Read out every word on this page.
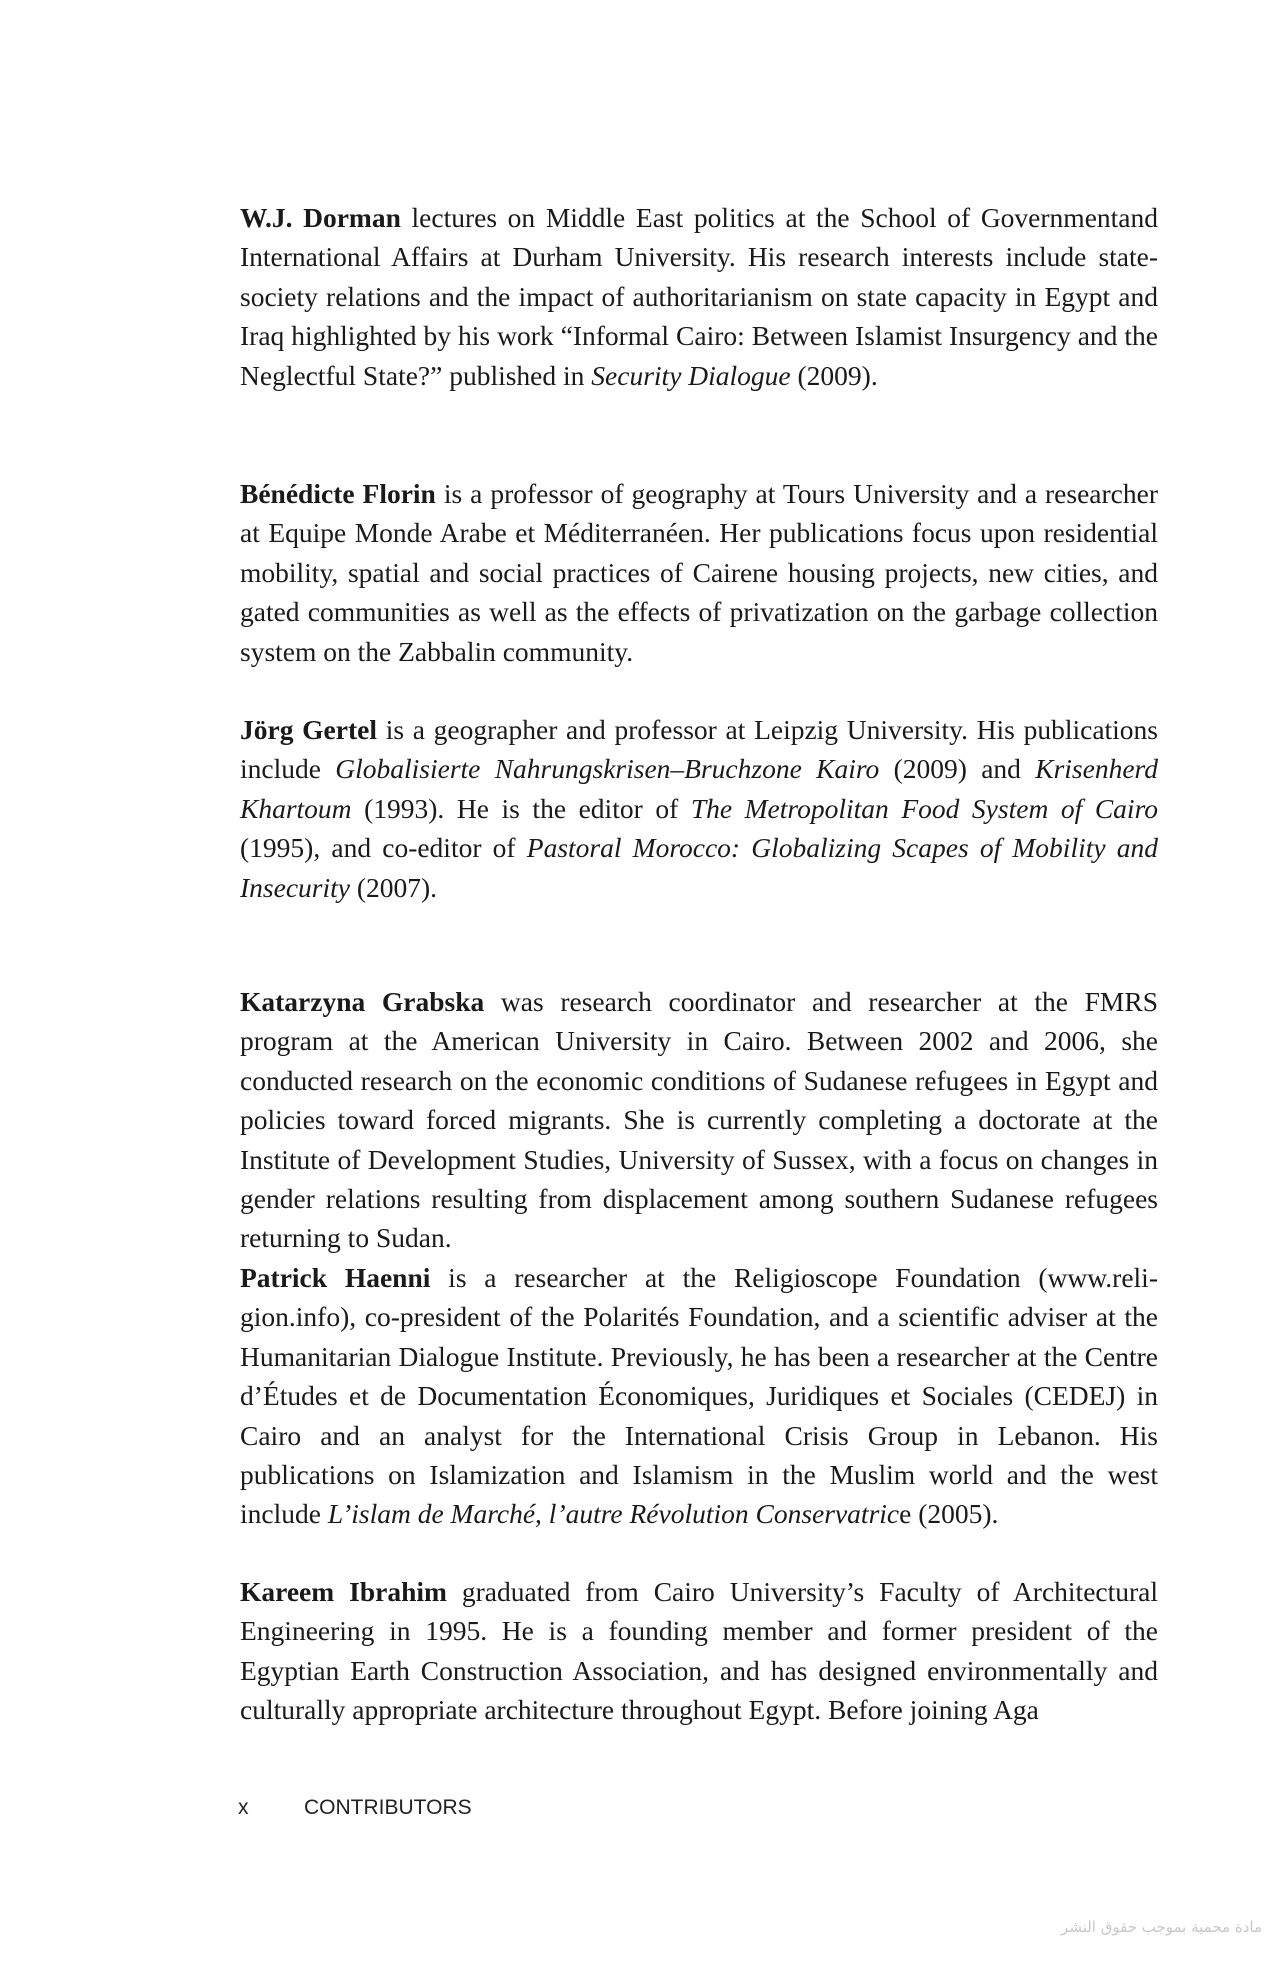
W.J. Dorman lectures on Middle East politics at the School of Governmentand International Affairs at Durham University. His research interests include state-society relations and the impact of authoritarianism on state capacity in Egypt and Iraq highlighted by his work “Informal Cairo: Between Islamist Insurgency and the Neglectful State?” published in Security Dialogue (2009).

Bénédicte Florin is a professor of geography at Tours University and a researcher at Equipe Monde Arabe et Méditerranéen. Her publications focus upon residential mobility, spatial and social practices of Cairene housing projects, new cities, and gated communities as well as the effects of privatization on the garbage collection system on the Zabbalin community.

Jörg Gertel is a geographer and professor at Leipzig University. His publications include Globalisierte Nahrungskrisen–Bruchzone Kairo (2009) and Krisenherd Khartoum (1993). He is the editor of The Metropolitan Food System of Cairo (1995), and co-editor of Pastoral Morocco: Globalizing Scapes of Mobility and Insecurity (2007).

Katarzyna Grabska was research coordinator and researcher at the FMRS program at the American University in Cairo. Between 2002 and 2006, she conducted research on the economic conditions of Sudanese refugees in Egypt and policies toward forced migrants. She is currently completing a doctorate at the Institute of Development Studies, University of Sussex, with a focus on changes in gender relations resulting from displacement among southern Sudanese refugees returning to Sudan.

Patrick Haenni is a researcher at the Religioscope Foundation (www.religion.info), co-president of the Polarités Foundation, and a scientific adviser at the Humanitarian Dialogue Institute. Previously, he has been a researcher at the Centre d’Études et de Documentation Économiques, Juridiques et Sociales (CEDEJ) in Cairo and an analyst for the International Crisis Group in Lebanon. His publications on Islamization and Islamism in the Muslim world and the west include L’islam de Marché, l’autre Révolution Conservatrice (2005).

Kareem Ibrahim graduated from Cairo University’s Faculty of Architectural Engineering in 1995. He is a founding member and former president of the Egyptian Earth Construction Association, and has designed environmentally and culturally appropriate architecture throughout Egypt. Before joining Aga

x	CONTRIBUTORS
مادة محمية بموجب حقوق النشر
